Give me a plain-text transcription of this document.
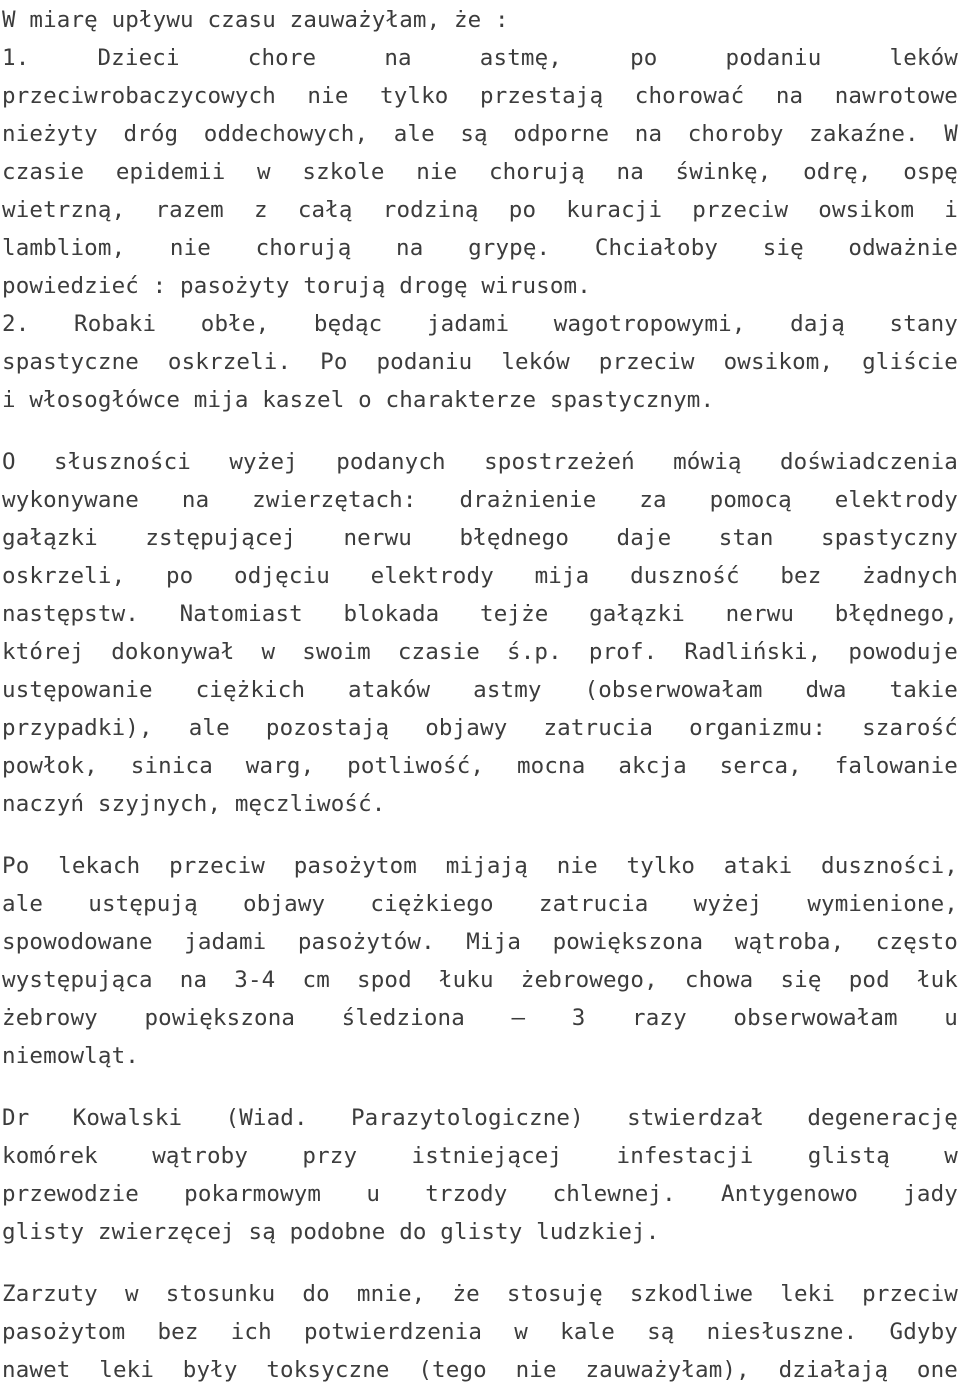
W miarę upływu czasu zauważyłam, że :
1. Dzieci chore na astmę, po podaniu leków
przeciwrobaczycowych nie tylko przestają chorować na nawrotowe
nieżyty dróg oddechowych, ale są odporne na choroby zakaźne. W
czasie epidemii w szkole nie chorują na świnkę, odrę, ospę
wietrzną, razem z całą rodziną po kuracji przeciw owsikom i
lambliom, nie chorują na grypę. Chciałoby się odważnie
powiedzieć : pasożyty torują drogę wirusom.
2. Robaki obłe, będąc jadami wagotropowymi, dają stany
spastyczne oskrzeli. Po podaniu leków przeciw owsikom, gliście
i włosogłówce mija kaszel o charakterze spastycznym.
O słuszności wyżej podanych spostrzeżeń mówią doświadczenia
wykonywane na zwierzętach: drażnienie za pomocą elektrody
gałązki zstępującej nerwu błędnego daje stan spastyczny
oskrzeli, po odjęciu elektrody mija duszność bez żadnych
następstw. Natomiast blokada tejże gałązki nerwu błędnego,
której dokonywał w swoim czasie ś.p. prof. Radliński, powoduje
ustępowanie ciężkich ataków astmy (obserwowałam dwa takie
przypadki), ale pozostają objawy zatrucia organizmu: szarość
powłok, sinica warg, potliwość, mocna akcja serca, falowanie
naczyń szyjnych, męczliwość.
Po lekach przeciw pasożytom mijają nie tylko ataki duszności,
ale ustępują objawy ciężkiego zatrucia wyżej wymienione,
spowodowane jadami pasożytów. Mija powiększona wątroba, często
występująca na 3-4 cm spod łuku żebrowego, chowa się pod łuk
żebrowy powiększona śledziona – 3 razy obserwowałam u
niemowląt.
Dr Kowalski (Wiad. Parazytologiczne) stwierdzał degenerację
komórek wątroby przy istniejącej infestacji glistą w
przewodzie pokarmowym u trzody chlewnej. Antygenowo jady
glisty zwierzęcej są podobne do glisty ludzkiej.
Zarzuty w stosunku do mnie, że stosuję szkodliwe leki przeciw
pasożytom bez ich potwierdzenia w kale są niesłuszne. Gdyby
nawet leki były toksyczne (tego nie zauważyłam), działają one
